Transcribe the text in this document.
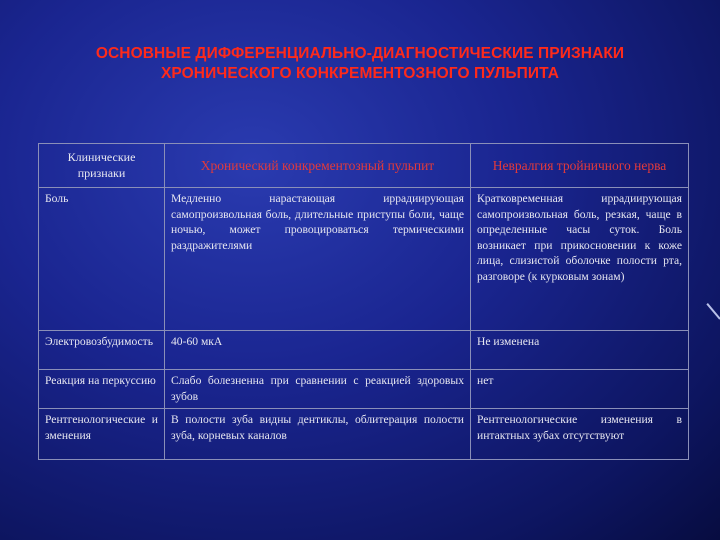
ОСНОВНЫЕ ДИФФЕРЕНЦИАЛЬНО-ДИАГНОСТИЧЕСКИЕ ПРИЗНАКИ
ХРОНИЧЕСКОГО КОНКРЕМЕНТОЗНОГО ПУЛЬПИТА
Клинические признаки	Хронический конкрементозный пульпит	Невралгия тройничного нерва
Боль	Медленно нарастающая иррадиирующая самопроизвольная боль, длительные приступы боли, чаще ночью, может провоцироваться термическими раздражителями	Кратковременная иррадиирующая самопроизвольная боль, резкая, чаще в определенные часы суток. Боль возникает при прикосновении к коже лица, слизистой оболочке полости рта, разговоре (к курковым зонам)
Электровозбудимость	40-60 мкА	Не изменена
Реакция на перкуссию	Слабо болезненна при сравнении с реакцией здоровых зубов	нет
Рентгенологические изменения	В полости зуба видны дентиклы, облитерация полости зуба, корневых каналов	Рентгенологические изменения в интактных зубах отсутствуют
